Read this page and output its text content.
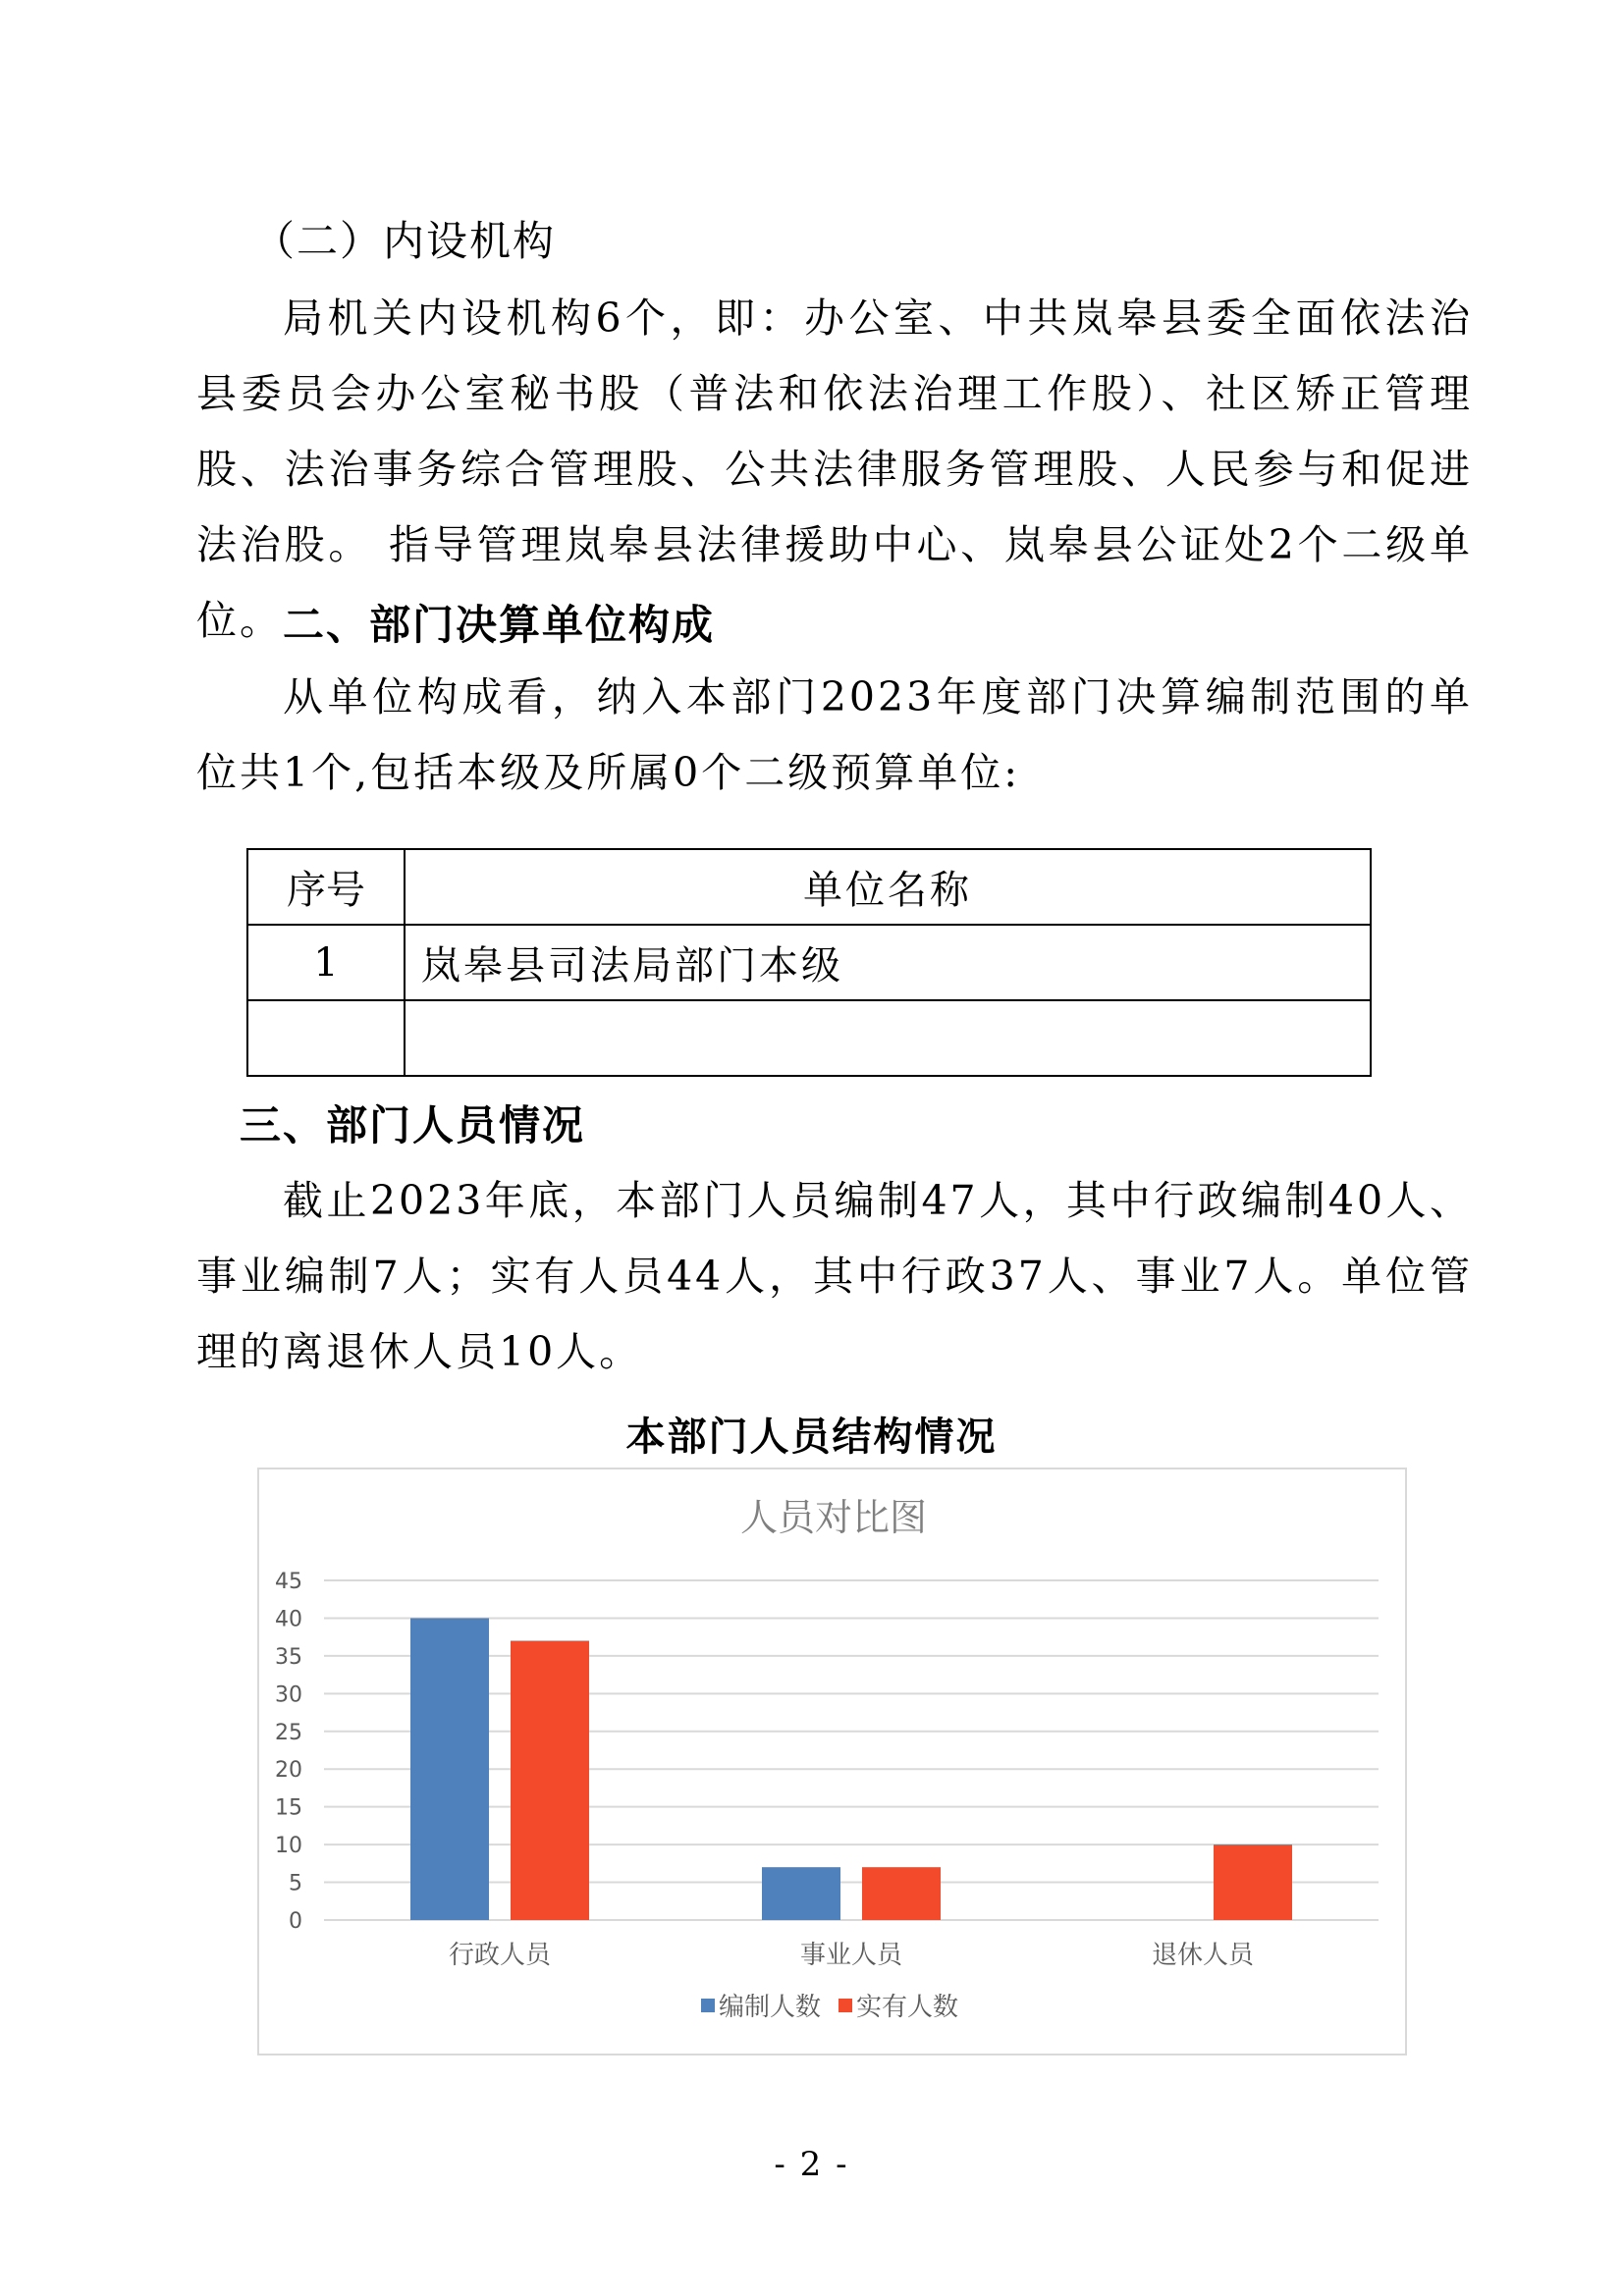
（二）内设机构

局机关内设机构6个，即：办公室、中共岚皋县委全面依法治县委员会办公室秘书股（普法和依法治理工作股）、社区矫正管理股、法治事务综合管理股、公共法律服务管理股、人民参与和促进法治股。 指导管理岚皋县法律援助中心、岚皋县公证处2个二级单位。 二、部门决算单位构成

从单位构成看，纳入本部门2023年度部门决算编制范围的单位共1个,包括本级及所属0个二级预算单位:

序号	单位名称
1	岚皋县司法局部门本级

三、部门人员情况

截止2023年底，本部门人员编制47人，其中行政编制40人、事业编制7人；实有人员44人，其中行政37人、事业7人。单位管理的离退休人员10人。

本部门人员结构情况

人员对比图
0
5
10
15
20
25
30
35
40
45
行政人员	事业人员	退休人员
编制人数 实有人数

- 2 -
